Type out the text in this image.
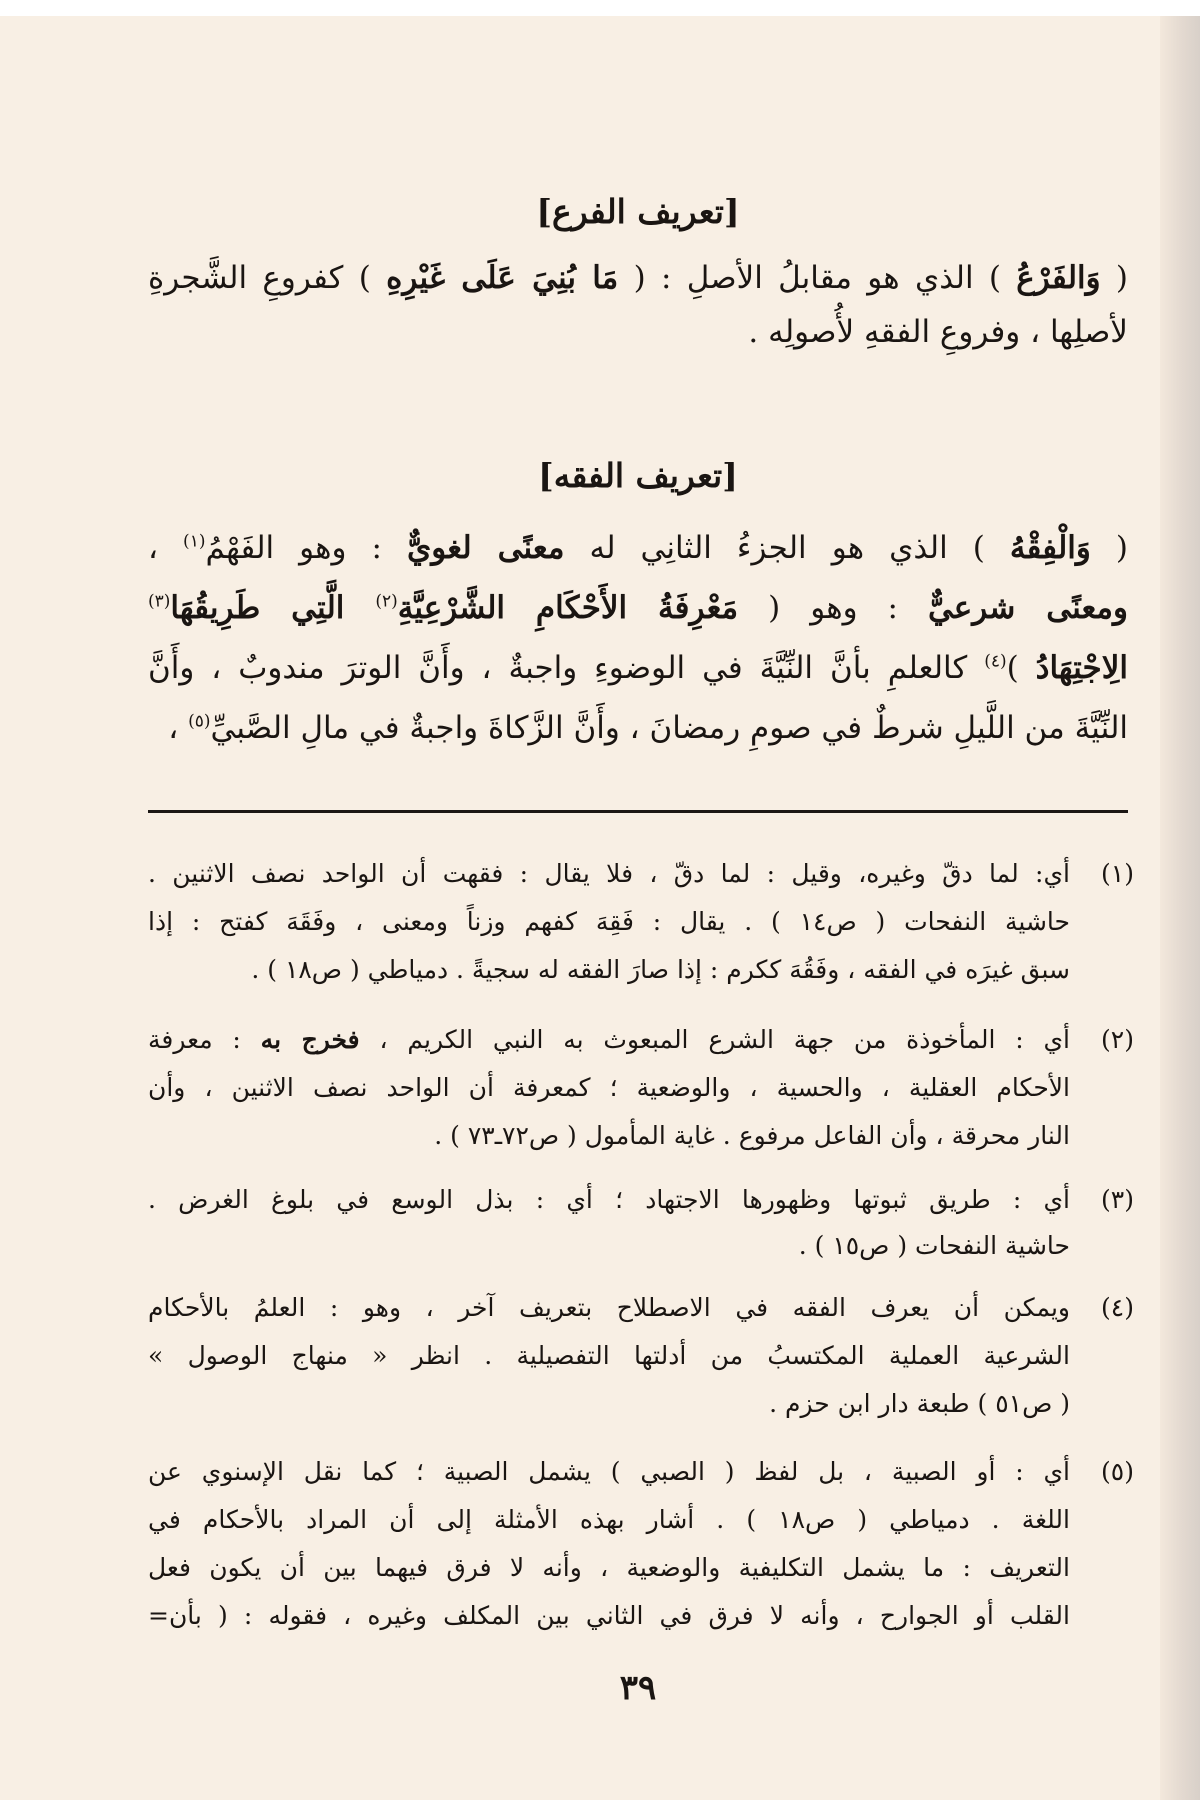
[تعريف الفرع]
( وَالفَرْعُ ) الذي هو مقابلُ الأصلِ : ( مَا بُنِيَ عَلَى غَيْرِهِ ) كفروعِ الشَّجرةِ
لأصلِها ، وفروعِ الفقهِ لأُصولِه .
[تعريف الفقه]
( وَالْفِقْهُ ) الذي هو الجزءُ الثانِي له معنًى لغويٌّ : وهو الفَهْمُ$^{(١)}$ ،
ومعنًى شرعيٌّ : وهو ( مَعْرِفَةُ الأَحْكَامِ الشَّرْعِيَّةِ$^{(٢)}$ الَّتِي طَرِيقُهَا$^{(٣)}$
الِاجْتِهَادُ )$^{(٤)}$ كالعلمِ بأنَّ النِّيَّةَ في الوضوءِ واجبةٌ ، وأَنَّ الوترَ مندوبٌ ، وأَنَّ
النِّيَّةَ من اللَّيلِ شرطٌ في صومِ رمضانَ ، وأَنَّ الزَّكاةَ واجبةٌ في مالِ الصَّبيِّ$^{(٥)}$ ،
(١)
أي: لما دقّ وغيره، وقيل : لما دقّ ، فلا يقال : فقهت أن الواحد نصف الاثنين .
حاشية النفحات ( ص١٤ ) . يقال : فَقِهَ كفهم وزناً ومعنى ، وفَقَهَ كفتح : إذا
سبق غيرَه في الفقه ، وفَقُهَ ككرم : إذا صارَ الفقه له سجيةً . دمياطي ( ص١٨ ) .
(٢)
أي : المأخوذة من جهة الشرع المبعوث به النبي الكريم ، فخرج به : معرفة
الأحكام العقلية ، والحسية ، والوضعية ؛ كمعرفة أن الواحد نصف الاثنين ، وأن
النار محرقة ، وأن الفاعل مرفوع . غاية المأمول ( ص٧٢ـ٧٣ ) .
(٣)
أي : طريق ثبوتها وظهورها الاجتهاد ؛ أي : بذل الوسع في بلوغ الغرض .
حاشية النفحات ( ص١٥ ) .
(٤)
ويمكن أن يعرف الفقه في الاصطلاح بتعريف آخر ، وهو : العلمُ بالأحكام
الشرعية العملية المكتسبُ من أدلتها التفصيلية . انظر « منهاج الوصول »
( ص٥١ ) طبعة دار ابن حزم .
(٥)
أي : أو الصبية ، بل لفظ ( الصبي ) يشمل الصبية ؛ كما نقل الإسنوي عن
اللغة . دمياطي ( ص١٨ ) . أشار بهذه الأمثلة إلى أن المراد بالأحكام في
التعريف : ما يشمل التكليفية والوضعية ، وأنه لا فرق فيهما بين أن يكون فعل
القلب أو الجوارح ، وأنه لا فرق في الثاني بين المكلف وغيره ، فقوله : ( بأن=
٣٩
